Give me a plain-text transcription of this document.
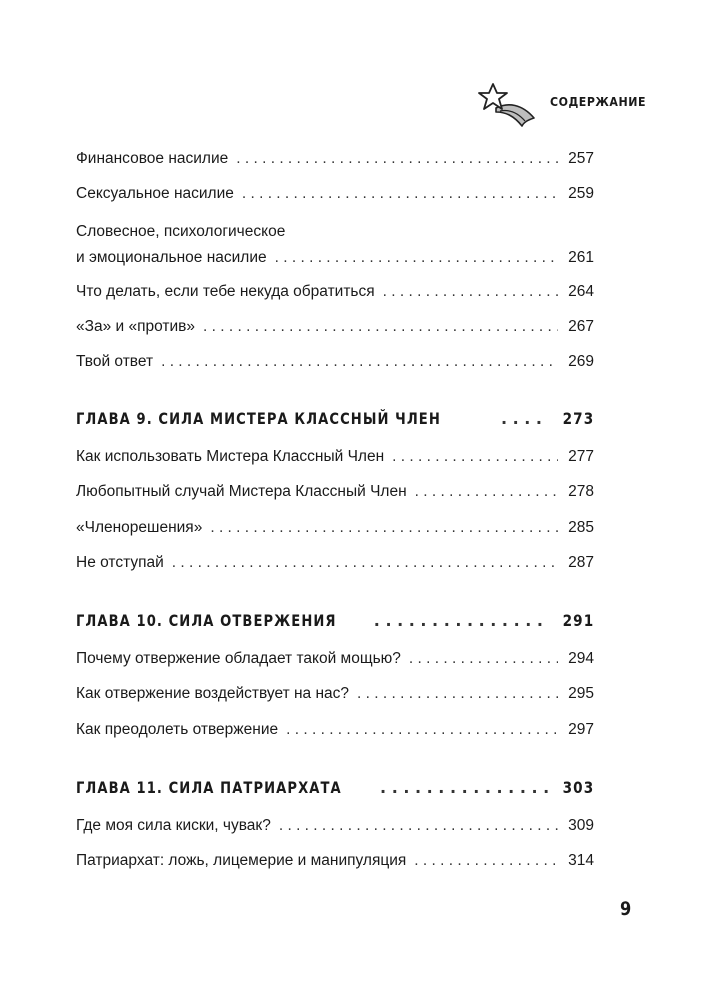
СОДЕРЖАНИЕ
Финансовое насилие . . .	257
Сексуальное насилие . . .	259
Словесное, психологическое
и эмоциональное насилие . . .	261
Что делать, если тебе некуда обратиться . . .	264
«За» и «против» . . .	267
Твой ответ . . .	269
ГЛАВА 9. СИЛА МИСТЕРА КЛАССНЫЙ ЧЛЕН . . .	273
Как использовать Мистера Классный Член . . .	277
Любопытный случай Мистера Классный Член . . .	278
«Членорешения» . . .	285
Не отступай . . .	287
ГЛАВА 10. СИЛА ОТВЕРЖЕНИЯ . . .	291
Почему отвержение обладает такой мощью? . . .	294
Как отвержение воздействует на нас? . . .	295
Как преодолеть отвержение . . .	297
ГЛАВА 11. СИЛА ПАТРИАРХАТА . . .	303
Где моя сила киски, чувак? . . .	309
Патриархат: ложь, лицемерие и манипуляция . . .	314
9
